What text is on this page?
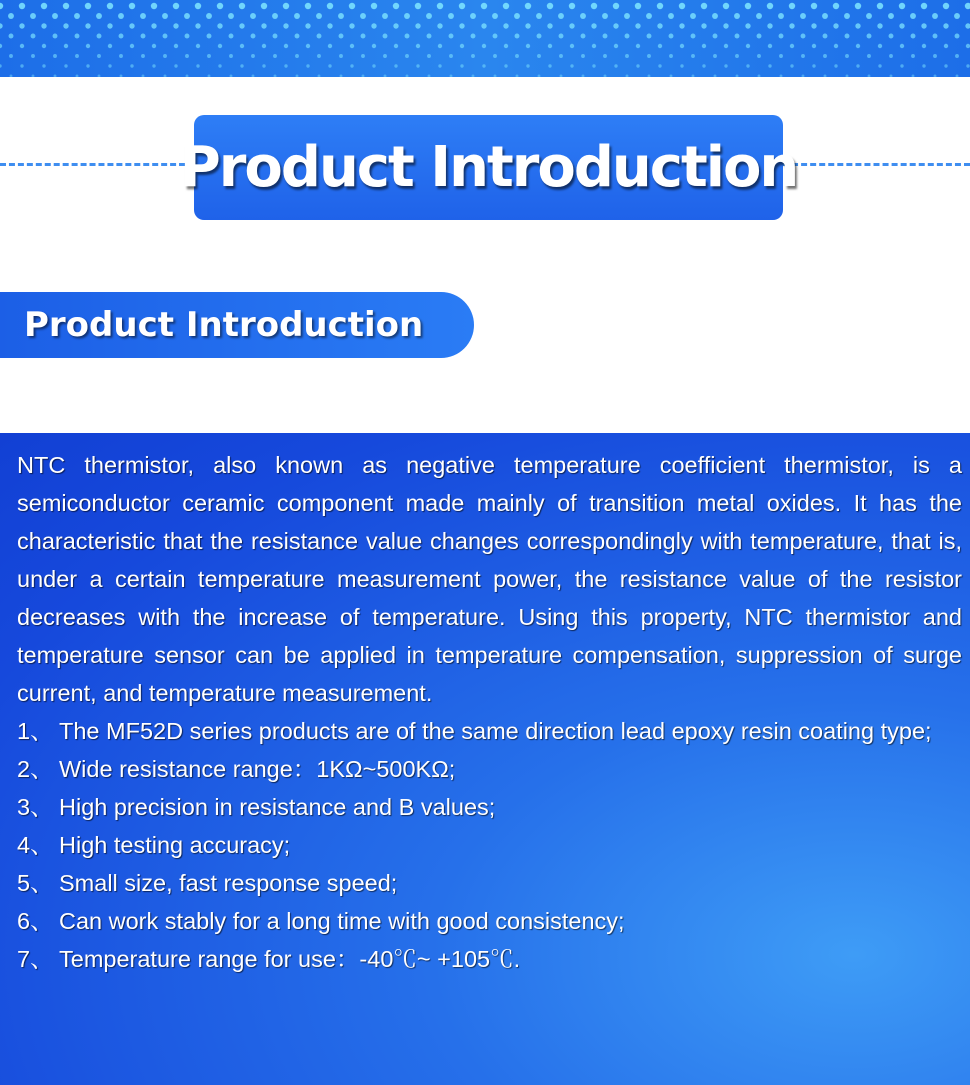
Product Introduction
Product Introduction

NTC thermistor, also known as negative temperature coefficient thermistor, is a semiconductor ceramic component made mainly of transition metal oxides. It has the characteristic that the resistance value changes correspondingly with temperature, that is, under a certain temperature measurement power, the resistance value of the resistor decreases with the increase of temperature. Using this property, NTC thermistor and temperature sensor can be applied in temperature compensation, suppression of surge current, and temperature measurement.

1、 The MF52D series products are of the same direction lead epoxy resin coating type;
2、 Wide resistance range：1KΩ~500KΩ;
3、 High precision in resistance and B values;
4、 High testing accuracy;
5、 Small size, fast response speed;
6、 Can work stably for a long time with good consistency;
7、 Temperature range for use：-40℃~ +105℃.
